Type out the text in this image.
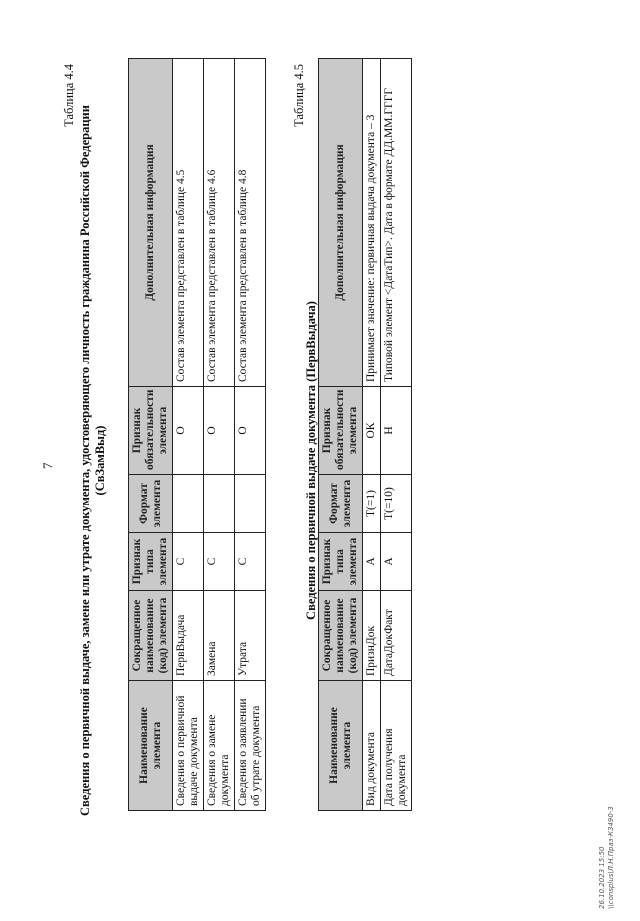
7
Таблица 4.4
Сведения о первичной выдаче, замене или утрате документа, удостоверяющего личность гражданина Российской Федерации (СвЗамВыд)
Наименование элемента	Сокращенное наименование (код) элемента	Признак типа элемента	Формат элемента	Признак обязательности элемента	Дополнительная информация
Сведения о первичной выдаче документа	ПервВыдача	С		О	Состав элемента представлен в таблице 4.5
Сведения о замене документа	Замена	С		О	Состав элемента представлен в таблице 4.6
Сведения о заявлении об утрате документа	Утрата	С		О	Состав элемента представлен в таблице 4.8
Таблица 4.5
Сведения о первичной выдаче документа (ПервВыдача)
Наименование элемента	Сокращенное наименование (код) элемента	Признак типа элемента	Формат элемента	Признак обязательности элемента	Дополнительная информация
Вид документа	ПризнДок	А	T(=1)	ОК	Принимает значение: первичная выдача документа – 3
Дата получения документа	ДатаДокФакт	А	T(=10)	Н	Типовой элемент <ДатаТип>. Дата в формате ДД.ММ.ГГГГ
26.10.2023 15:50 \\consplus\Л.Н.Праз-К3490-3
